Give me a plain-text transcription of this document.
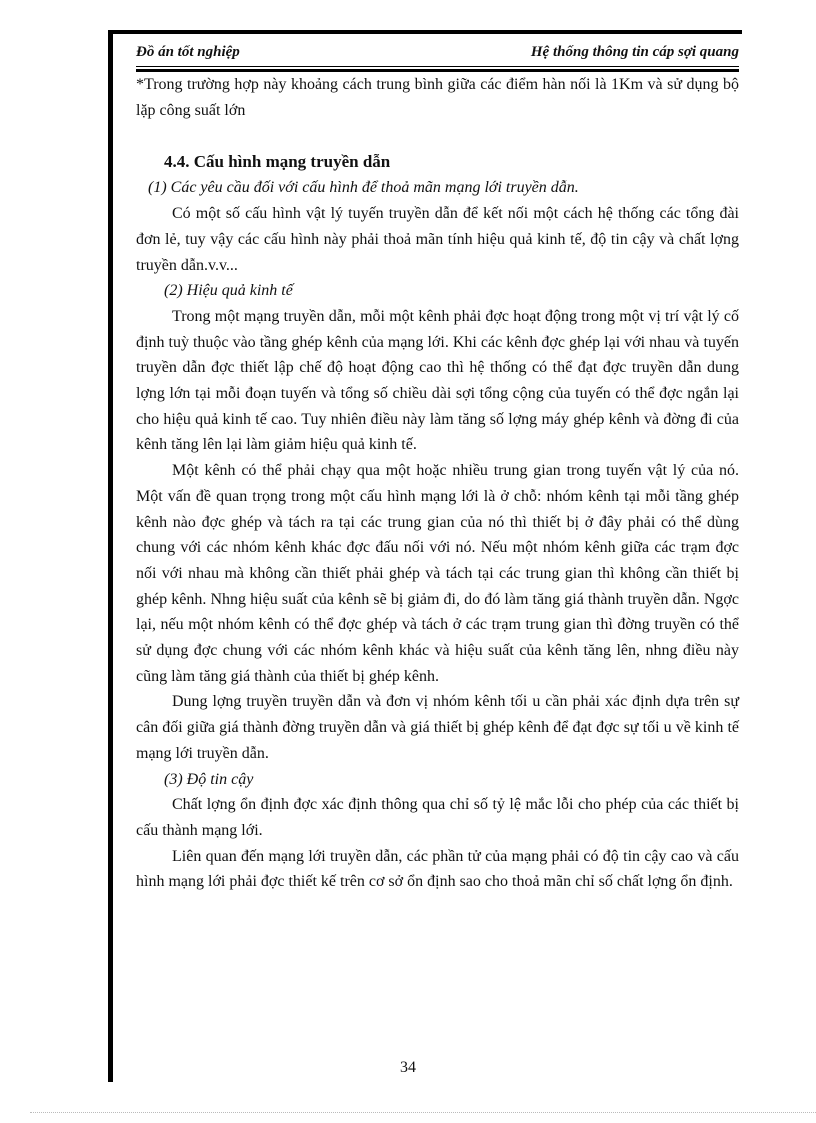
Đồ án tốt nghiệp	Hệ thống thông tin cáp sợi quang

*Trong trường hợp này khoảng cách trung bình giữa các điểm hàn nối là 1Km và sử dụng bộ lặp công suất lớn

4.4. Cấu hình mạng truyền dẫn

(1) Các yêu cầu đối với cấu hình để thoả mãn mạng lới truyền dẫn.

Có một số cấu hình vật lý tuyến truyền dẫn để kết nối một cách hệ thống các tổng đài đơn lẻ, tuy vậy các cấu hình này phải thoả mãn tính hiệu quả kinh tế, độ tin cậy và chất lợng truyền dẫn.v.v...

(2) Hiệu quả kinh tế

Trong một mạng truyền dẫn, mỗi một kênh phải đợc hoạt động trong một vị trí vật lý cố định tuỳ thuộc vào tầng ghép kênh của mạng lới. Khi các kênh đợc ghép lại với nhau và tuyến truyền dẫn đợc thiết lập chế độ hoạt động cao thì hệ thống có thể đạt đợc truyền dẫn dung lợng lớn tại mỗi đoạn tuyến và tổng số chiều dài sợi tổng cộng của tuyến có thể đợc ngắn lại cho hiệu quả kinh tế cao. Tuy nhiên điều này làm tăng số lợng máy ghép kênh và đờng đi của kênh tăng lên lại làm giảm hiệu quả kinh tế.

Một kênh có thể phải chạy qua một hoặc nhiều trung gian trong tuyến vật lý của nó. Một vấn đề quan trọng trong một cấu hình mạng lới là ở chỗ: nhóm kênh tại mỗi tầng ghép kênh nào đợc ghép và tách ra tại các trung gian của nó thì thiết bị ở đây phải có thể dùng chung với các nhóm kênh khác đợc đấu nối với nó. Nếu một nhóm kênh giữa các trạm đợc nối với nhau mà không cần thiết phải ghép và tách tại các trung gian thì không cần thiết bị ghép kênh. Nhng hiệu suất của kênh sẽ bị giảm đi, do đó làm tăng giá thành truyền dẫn. Ngợc lại, nếu một nhóm kênh có thể đợc ghép và tách ở các trạm trung gian thì đờng truyền có thể sử dụng đợc chung với các nhóm kênh khác và hiệu suất của kênh tăng lên, nhng điều này cũng làm tăng giá thành của thiết bị ghép kênh.

Dung lợng truyền truyền dẫn và đơn vị nhóm kênh tối u cần phải xác định dựa trên sự cân đối giữa giá thành đờng truyền dẫn và giá thiết bị ghép kênh để đạt đợc sự tối u về kinh tế mạng lới truyền dẫn.

(3) Độ tin cậy

Chất lợng ổn định đợc xác định thông qua chỉ số tỷ lệ mắc lỗi cho phép của các thiết bị cấu thành mạng lới.

Liên quan đến mạng lới truyền dẫn, các phần tử của mạng phải có độ tin cậy cao và cấu hình mạng lới phải đợc thiết kế trên cơ sở ổn định sao cho thoả mãn chỉ số chất lợng ổn định.

34
